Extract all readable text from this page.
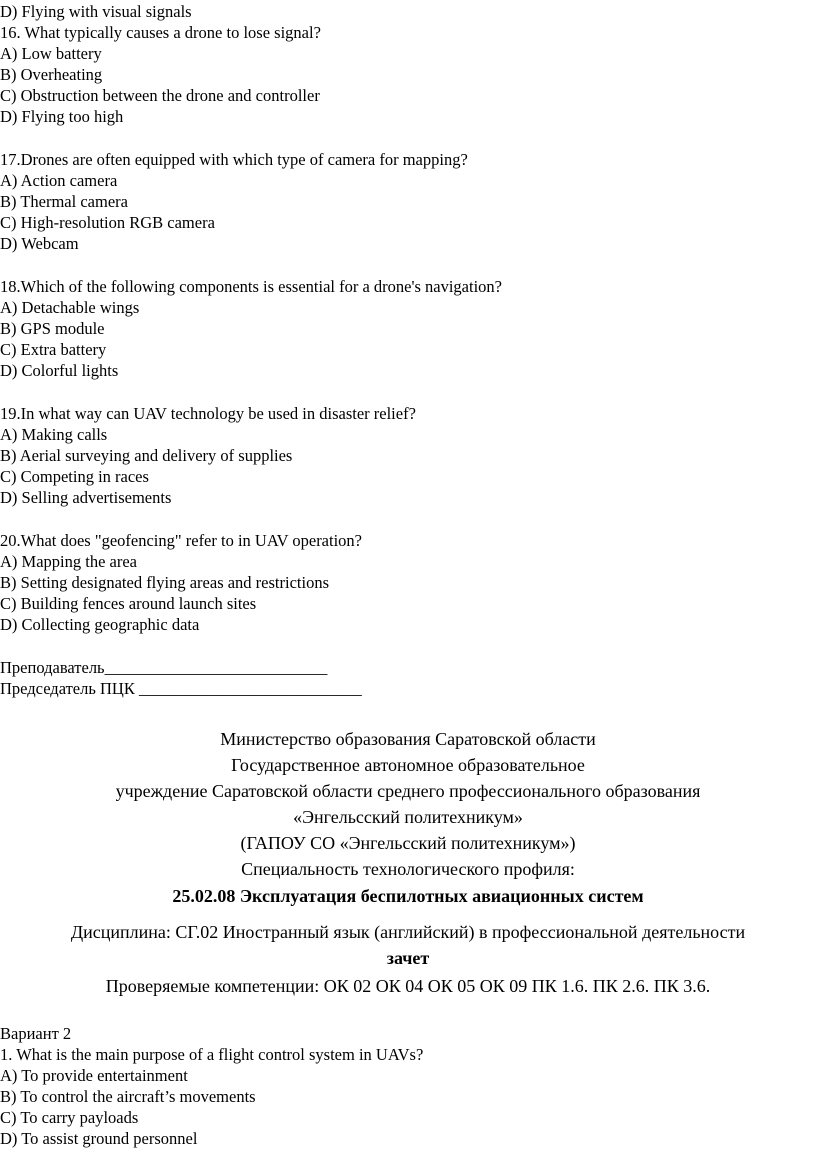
D) Flying with visual signals
16. What typically causes a drone to lose signal?
A) Low battery
B) Overheating
C) Obstruction between the drone and controller
D) Flying too high
17.Drones are often equipped with which type of camera for mapping?
A) Action camera
B) Thermal camera
C) High-resolution RGB camera
D) Webcam
18.Which of the following components is essential for a drone's navigation?
A) Detachable wings
B) GPS module
C) Extra battery
D) Colorful lights
19.In what way can UAV technology be used in disaster relief?
A) Making calls
B) Aerial surveying and delivery of supplies
C) Competing in races
D) Selling advertisements
20.What does "geofencing" refer to in UAV operation?
A) Mapping the area
B) Setting designated flying areas and restrictions
C) Building fences around launch sites
D) Collecting geographic data
Преподаватель___________________________
Председатель ПЦК ___________________________
Министерство образования Саратовской области
Государственное автономное образовательное
учреждение Саратовской области среднего профессионального образования
«Энгельсский политехникум»
(ГАПОУ СО «Энгельсский политехникум»)
Специальность технологического профиля:
25.02.08 Эксплуатация беспилотных авиационных систем
Дисциплина: СГ.02 Иностранный язык (английский) в профессиональной деятельности
зачет
Проверяемые компетенции: ОК 02 ОК 04 ОК 05 ОК 09 ПК 1.6. ПК 2.6. ПК 3.6.
Вариант 2
1. What is the main purpose of a flight control system in UAVs?
A) To provide entertainment
B) To control the aircraft’s movements
C) To carry payloads
D) To assist ground personnel
